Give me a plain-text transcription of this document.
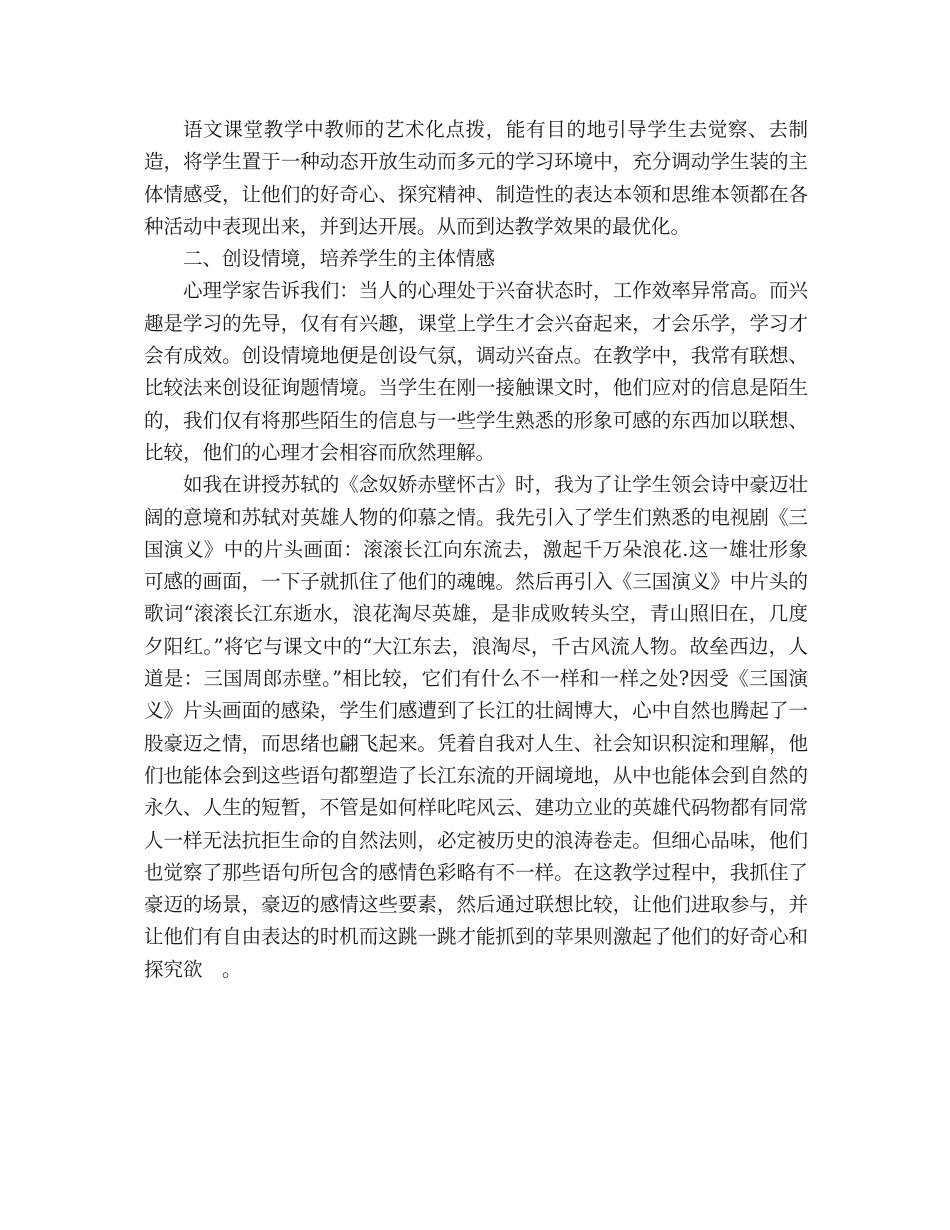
语文课堂教学中教师的艺术化点拨，能有目的地引导学生去觉察、去制造，将学生置于一种动态开放生动而多元的学习环境中，充分调动学生装的主体情感受，让他们的好奇心、探究精神、制造性的表达本领和思维本领都在各种活动中表现出来，并到达开展。从而到达教学效果的最优化。

二、创设情境，培养学生的主体情感

心理学家告诉我们：当人的心理处于兴奋状态时，工作效率异常高。而兴趣是学习的先导，仅有有兴趣，课堂上学生才会兴奋起来，才会乐学，学习才会有成效。创设情境地便是创设气氛，调动兴奋点。在教学中，我常有联想、比较法来创设征询题情境。当学生在刚一接触课文时，他们应对的信息是陌生的，我们仅有将那些陌生的信息与一些学生熟悉的形象可感的东西加以联想、比较，他们的心理才会相容而欣然理解。

如我在讲授苏轼的《念奴娇赤壁怀古》时，我为了让学生领会诗中豪迈壮阔的意境和苏轼对英雄人物的仰慕之情。我先引入了学生们熟悉的电视剧《三国演义》中的片头画面：滚滚长江向东流去，激起千万朵浪花.这一雄壮形象可感的画面，一下子就抓住了他们的魂魄。然后再引入《三国演义》中片头的歌词“滚滚长江东逝水，浪花淘尽英雄，是非成败转头空，青山照旧在，几度夕阳红。”将它与课文中的“大江东去，浪淘尽，千古风流人物。故垒西边，人道是：三国周郎赤壁。”相比较，它们有什么不一样和一样之处?因受《三国演义》片头画面的感染，学生们感遭到了长江的壮阔博大，心中自然也腾起了一股豪迈之情，而思绪也翩飞起来。凭着自我对人生、社会知识积淀和理解，他们也能体会到这些语句都塑造了长江东流的开阔境地，从中也能体会到自然的永久、人生的短暂，不管是如何样叱咤风云、建功立业的英雄代码物都有同常人一样无法抗拒生命的自然法则，必定被历史的浪涛卷走。但细心品味，他们也觉察了那些语句所包含的感情色彩略有不一样。在这教学过程中，我抓住了豪迈的场景，豪迈的感情这些要素，然后通过联想比较，让他们进取参与，并让他们有自由表达的时机而这跳一跳才能抓到的苹果则激起了他们的好奇心和探究欲　。
